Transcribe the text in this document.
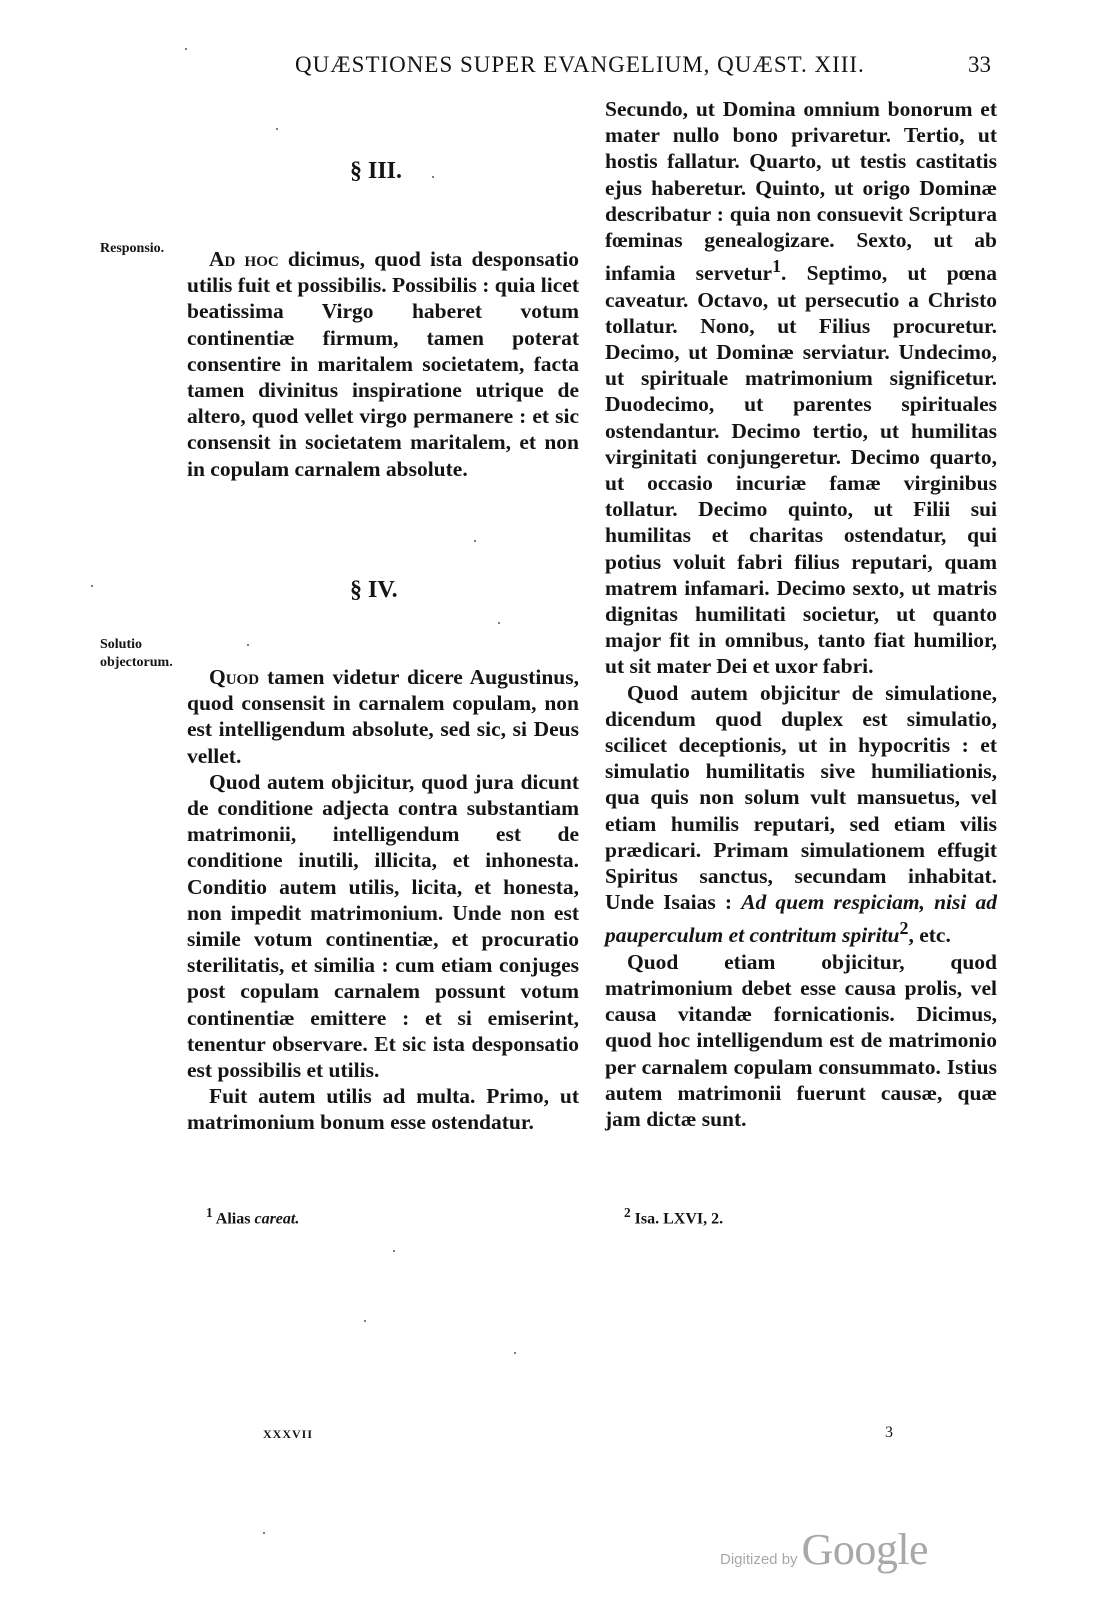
QUÆSTIONES SUPER EVANGELIUM, QUÆST. XIII.	33
§ III.
§ IV.
Responsio.
Solutio objectorum.

Ad hoc dicimus, quod ista desponsatio utilis fuit et possibilis. Possibilis : quia licet beatissima Virgo haberet votum continentiæ firmum, tamen poterat consentire in maritalem societatem, facta tamen divinitus inspiratione utrique de altero, quod vellet virgo permanere : et sic consensit in societatem maritalem, et non in copulam carnalem absolute.

Quod tamen videtur dicere Augustinus, quod consensit in carnalem copulam, non est intelligendum absolute, sed sic, si Deus vellet.

Quod autem objicitur, quod jura dicunt de conditione adjecta contra substantiam matrimonii, intelligendum est de conditione inutili, illicita, et inhonesta. Conditio autem utilis, licita, et honesta, non impedit matrimonium. Unde non est simile votum continentiæ, et procuratio sterilitatis, et similia : cum etiam conjuges post copulam carnalem possunt votum continentiæ emittere : et si emiserint, tenentur observare. Et sic ista desponsatio est possibilis et utilis.

Fuit autem utilis ad multa. Primo, ut matrimonium bonum esse ostendatur.

Secundo, ut Domina omnium bonorum et mater nullo bono privaretur. Tertio, ut hostis fallatur. Quarto, ut testis castitatis ejus haberetur. Quinto, ut origo Dominæ describatur : quia non consuevit Scriptura fœminas genealogizare. Sexto, ut ab infamia servetur$^1$. Septimo, ut pœna caveatur. Octavo, ut persecutio a Christo tollatur. Nono, ut Filius procuretur. Decimo, ut Dominæ serviatur. Undecimo, ut spirituale matrimonium significetur. Duodecimo, ut parentes spirituales ostendantur. Decimo tertio, ut humilitas virginitati conjungeretur. Decimo quarto, ut occasio incuriæ famæ virginibus tollatur. Decimo quinto, ut Filii sui humilitas et charitas ostendatur, qui potius voluit fabri filius reputari, quam matrem infamari. Decimo sexto, ut matris dignitas humilitati societur, ut quanto major fit in omnibus, tanto fiat humilior, ut sit mater Dei et uxor fabri.

Quod autem objicitur de simulatione, dicendum quod duplex est simulatio, scilicet deceptionis, ut in hypocritis : et simulatio humilitatis sive humiliationis, qua quis non solum vult mansuetus, vel etiam humilis reputari, sed etiam vilis prædicari. Primam simulationem effugit Spiritus sanctus, secundam inhabitat. Unde Isaias : Ad quem respiciam, nisi ad pauperculum et contritum spiritu$^2$, etc.

Quod etiam objicitur, quod matrimonium debet esse causa prolis, vel causa vitandæ fornicationis. Dicimus, quod hoc intelligendum est de matrimonio per carnalem copulam consummato. Istius autem matrimonii fuerunt causæ, quæ jam dictæ sunt.

$^1$ Alias careat.	$^2$ Isa. LXVI, 2.
XXXVII	3
Digitized by Google
